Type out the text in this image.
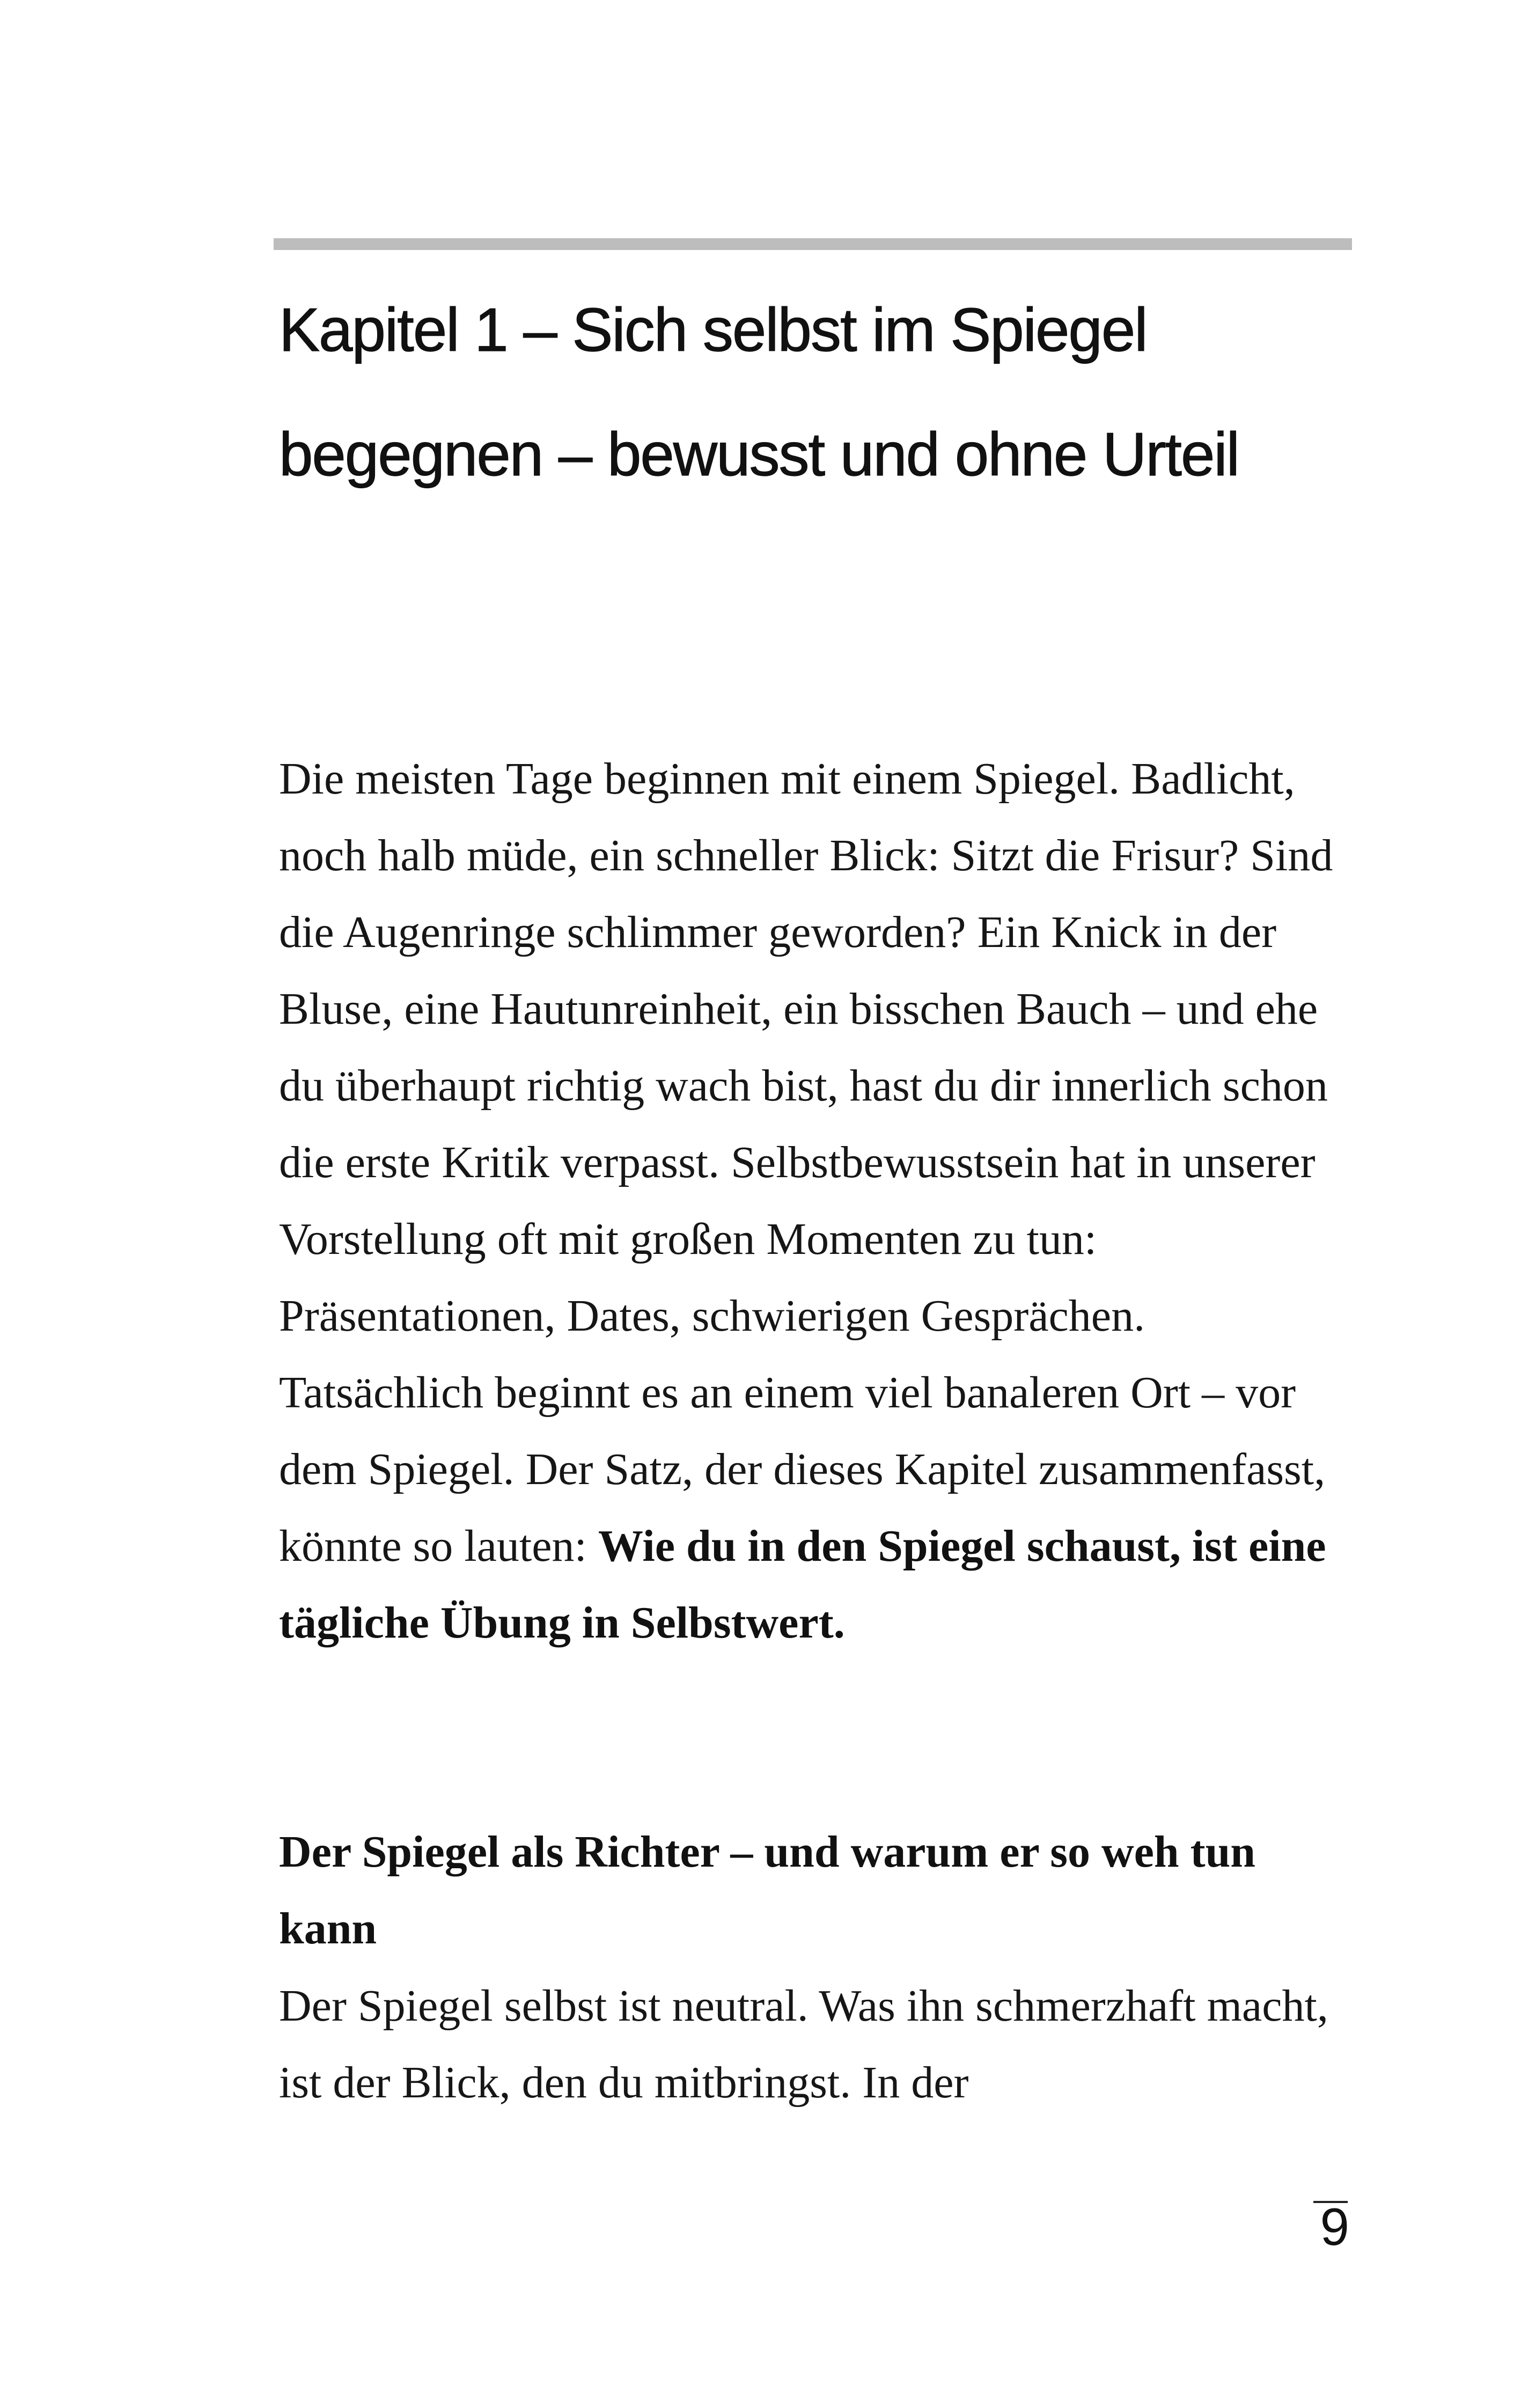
Kapitel 1 – Sich selbst im Spiegel begegnen – bewusst und ohne Urteil

Die meisten Tage beginnen mit einem Spiegel. Badlicht, noch halb müde, ein schneller Blick: Sitzt die Frisur? Sind die Augenringe schlimmer geworden? Ein Knick in der Bluse, eine Hautunreinheit, ein bisschen Bauch – und ehe du überhaupt richtig wach bist, hast du dir innerlich schon die erste Kritik verpasst. Selbstbewusstsein hat in unserer Vorstellung oft mit großen Momenten zu tun: Präsentationen, Dates, schwierigen Gesprächen. Tatsächlich beginnt es an einem viel banaleren Ort – vor dem Spiegel. Der Satz, der dieses Kapitel zusammenfasst, könnte so lauten: Wie du in den Spiegel schaust, ist eine tägliche Übung in Selbstwert.

Der Spiegel als Richter – und warum er so weh tun kann

Der Spiegel selbst ist neutral. Was ihn schmerzhaft macht, ist der Blick, den du mitbringst. In der

9
